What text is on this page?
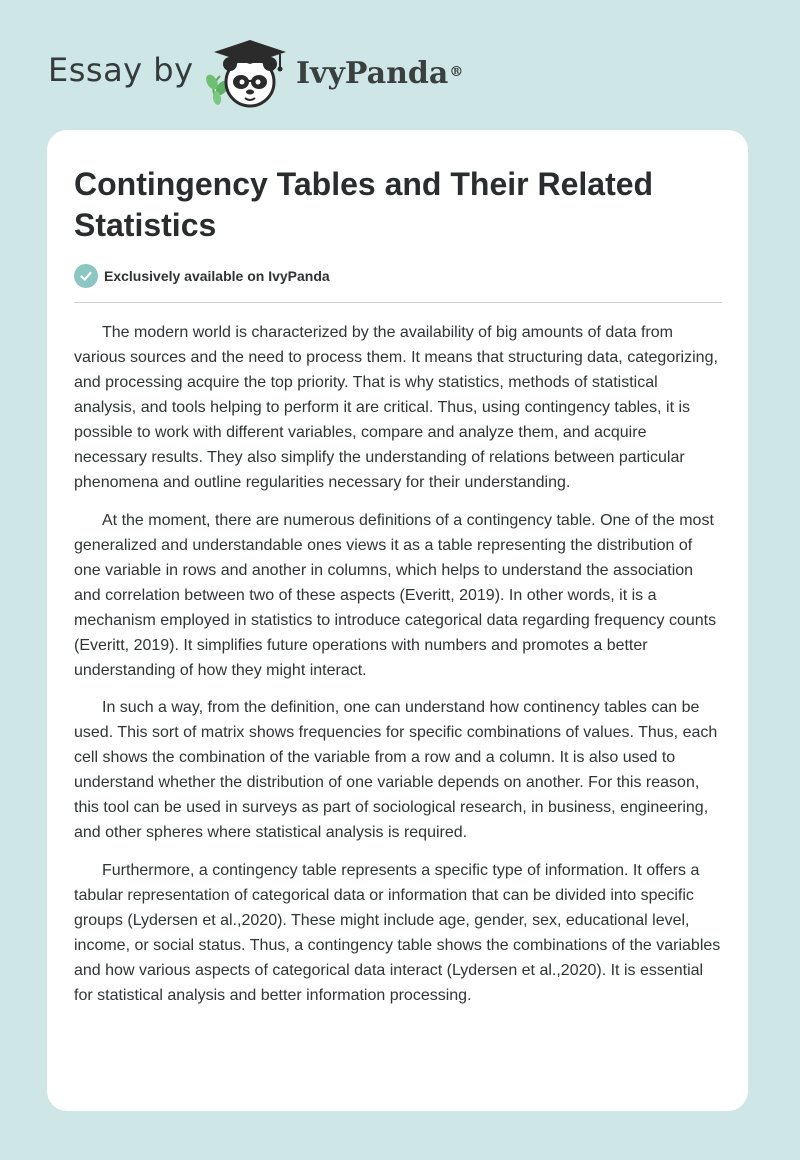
Essay by	IvyPanda®
Contingency Tables and Their Related Statistics
Exclusively available on IvyPanda

The modern world is characterized by the availability of big amounts of data from various sources and the need to process them. It means that structuring data, categorizing, and processing acquire the top priority. That is why statistics, methods of statistical analysis, and tools helping to perform it are critical. Thus, using contingency tables, it is possible to work with different variables, compare and analyze them, and acquire necessary results. They also simplify the understanding of relations between particular phenomena and outline regularities necessary for their understanding.

At the moment, there are numerous definitions of a contingency table. One of the most generalized and understandable ones views it as a table representing the distribution of one variable in rows and another in columns, which helps to understand the association and correlation between two of these aspects (Everitt, 2019). In other words, it is a mechanism employed in statistics to introduce categorical data regarding frequency counts (Everitt, 2019). It simplifies future operations with numbers and promotes a better understanding of how they might interact.

In such a way, from the definition, one can understand how continency tables can be used. This sort of matrix shows frequencies for specific combinations of values. Thus, each cell shows the combination of the variable from a row and a column. It is also used to understand whether the distribution of one variable depends on another. For this reason, this tool can be used in surveys as part of sociological research, in business, engineering, and other spheres where statistical analysis is required.

Furthermore, a contingency table represents a specific type of information. It offers a tabular representation of categorical data or information that can be divided into specific groups (Lydersen et al.,2020). These might include age, gender, sex, educational level, income, or social status. Thus, a contingency table shows the combinations of the variables and how various aspects of categorical data interact (Lydersen et al.,2020). It is essential for statistical analysis and better information processing.
